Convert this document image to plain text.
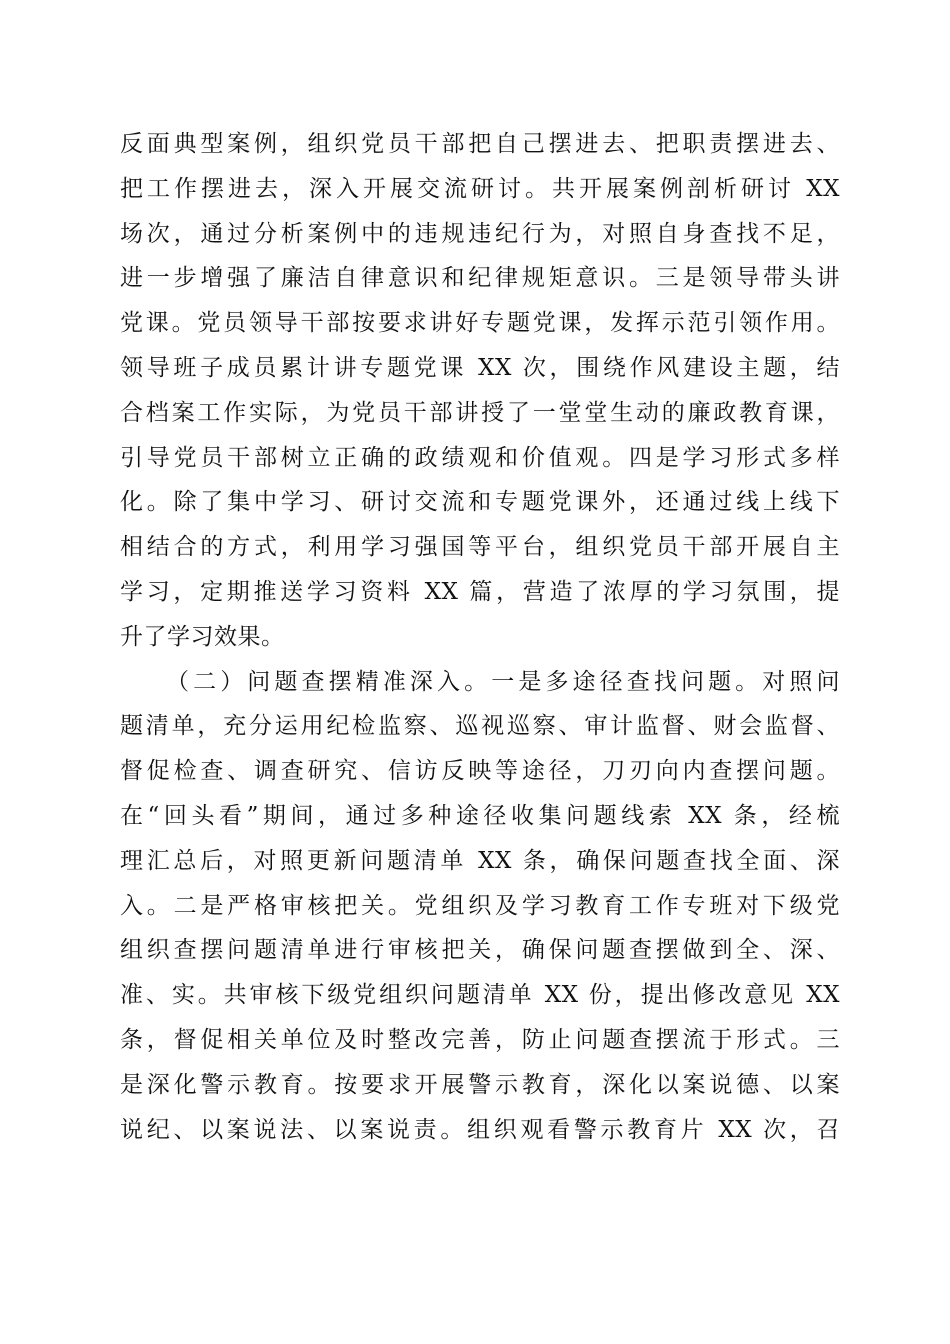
反面典型案例，组织党员干部把自己摆进去、把职责摆进去、
把工作摆进去，深入开展交流研讨。共开展案例剖析研讨 XX
场次，通过分析案例中的违规违纪行为，对照自身查找不足，
进一步增强了廉洁自律意识和纪律规矩意识。三是领导带头讲
党课。党员领导干部按要求讲好专题党课，发挥示范引领作用。
领导班子成员累计讲专题党课 XX 次，围绕作风建设主题，结
合档案工作实际，为党员干部讲授了一堂堂生动的廉政教育课，
引导党员干部树立正确的政绩观和价值观。四是学习形式多样
化。除了集中学习、研讨交流和专题党课外，还通过线上线下
相结合的方式，利用学习强国等平台，组织党员干部开展自主
学习，定期推送学习资料 XX 篇，营造了浓厚的学习氛围，提
升了学习效果。
（二）问题查摆精准深入。一是多途径查找问题。对照问
题清单，充分运用纪检监察、巡视巡察、审计监督、财会监督、
督促检查、调查研究、信访反映等途径，刀刃向内查摆问题。
在“回头看”期间，通过多种途径收集问题线索 XX 条，经梳
理汇总后，对照更新问题清单 XX 条，确保问题查找全面、深
入。二是严格审核把关。党组织及学习教育工作专班对下级党
组织查摆问题清单进行审核把关，确保问题查摆做到全、深、
准、实。共审核下级党组织问题清单 XX 份，提出修改意见 XX
条，督促相关单位及时整改完善，防止问题查摆流于形式。三
是深化警示教育。按要求开展警示教育，深化以案说德、以案
说纪、以案说法、以案说责。组织观看警示教育片 XX 次，召
